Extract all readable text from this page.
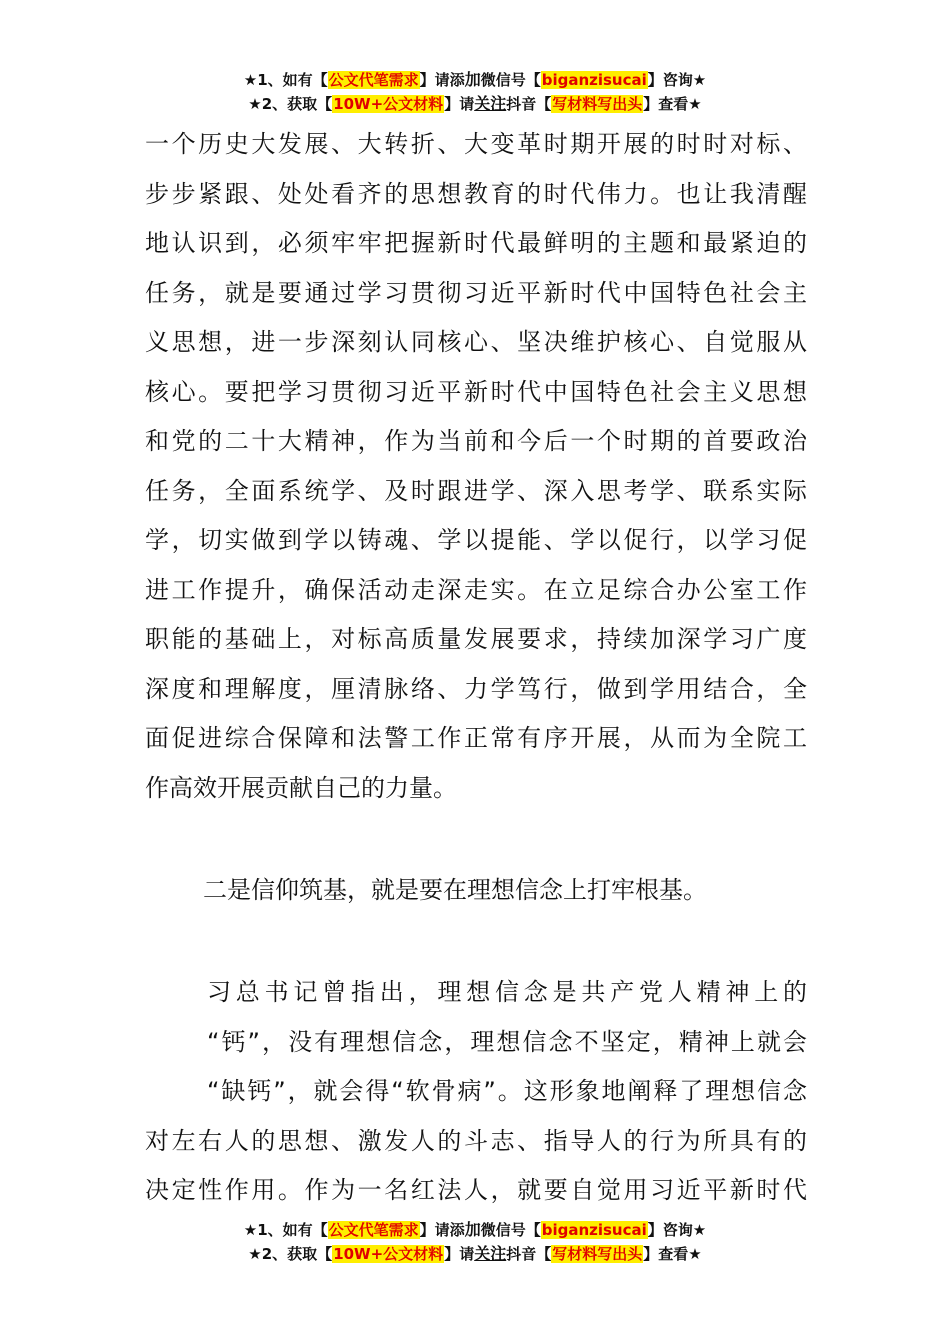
★1、如有【公文代笔需求】请添加微信号【biganzisucai】咨询★
★2、获取【10W+公文材料】请关注抖音【写材料写出头】查看★
一个历史大发展、大转折、大变革时期开展的时时对标、
步步紧跟、处处看齐的思想教育的时代伟力。也让我清醒
地认识到，必须牢牢把握新时代最鲜明的主题和最紧迫的
任务，就是要通过学习贯彻习近平新时代中国特色社会主
义思想，进一步深刻认同核心、坚决维护核心、自觉服从
核心。要把学习贯彻习近平新时代中国特色社会主义思想
和党的二十大精神，作为当前和今后一个时期的首要政治
任务，全面系统学、及时跟进学、深入思考学、联系实际
学，切实做到学以铸魂、学以提能、学以促行，以学习促
进工作提升，确保活动走深走实。在立足综合办公室工作
职能的基础上，对标高质量发展要求，持续加深学习广度
深度和理解度，厘清脉络、力学笃行，做到学用结合，全
面促进综合保障和法警工作正常有序开展，从而为全院工
作高效开展贡献自己的力量。
二是信仰筑基，就是要在理想信念上打牢根基。
习总书记曾指出，理想信念是共产党人精神上的
“钙”，没有理想信念，理想信念不坚定，精神上就会
“缺钙”，就会得“软骨病”。这形象地阐释了理想信念
对左右人的思想、激发人的斗志、指导人的行为所具有的
决定性作用。作为一名红法人，就要自觉用习近平新时代
★1、如有【公文代笔需求】请添加微信号【biganzisucai】咨询★
★2、获取【10W+公文材料】请关注抖音【写材料写出头】查看★
